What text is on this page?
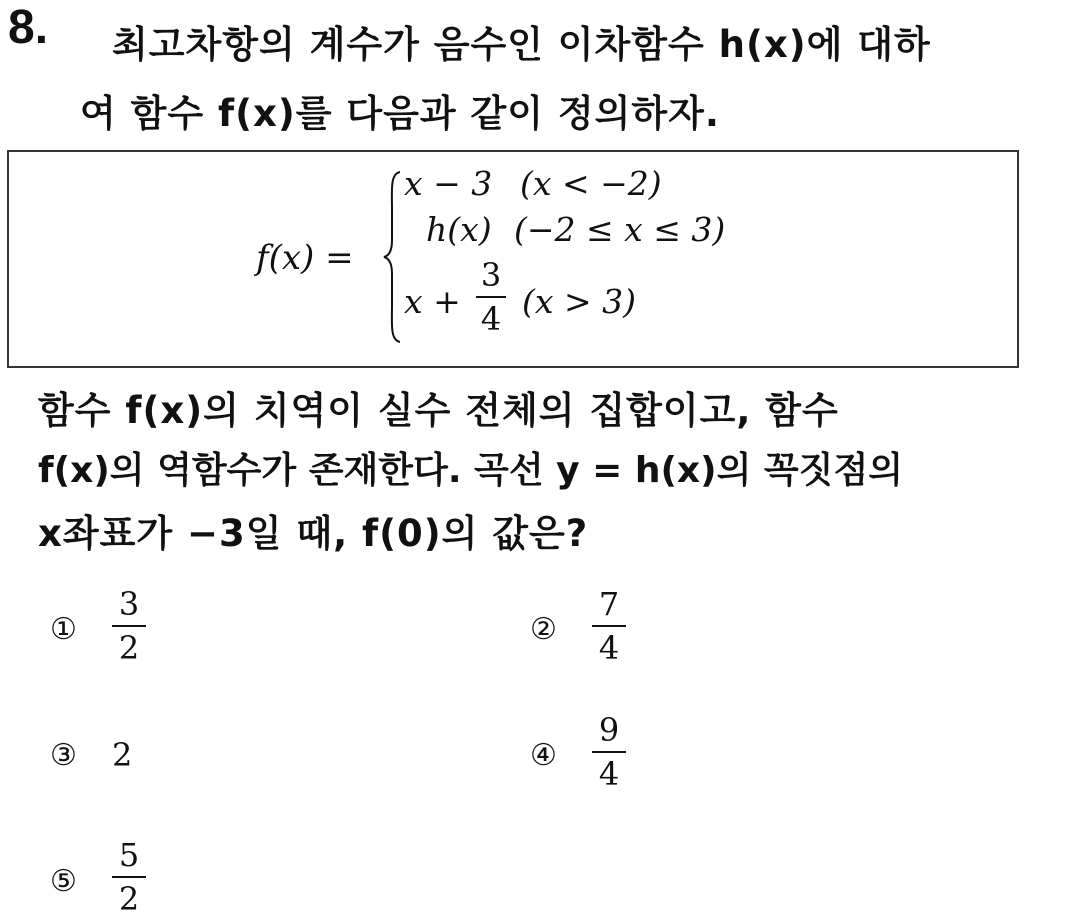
8. 최고차항의 계수가 음수인 이차함수 h(x)에 대하
여 함수 f(x)를 다음과 같이 정의하자.
f(x) =
x − 3 (x < −2)
h(x) (−2 ≤ x ≤ 3)
x +
3
4 (x > 3)
함수 f(x)의 치역이 실수 전체의 집합이고, 함수
f(x)의 역함수가 존재한다. 곡선 y = h(x)의 꼭짓점의
x좌표가 −3일 때, f(0)의 값은?
①
3
2	②
7
4
③ 2	④
9
4
⑤
5
2
